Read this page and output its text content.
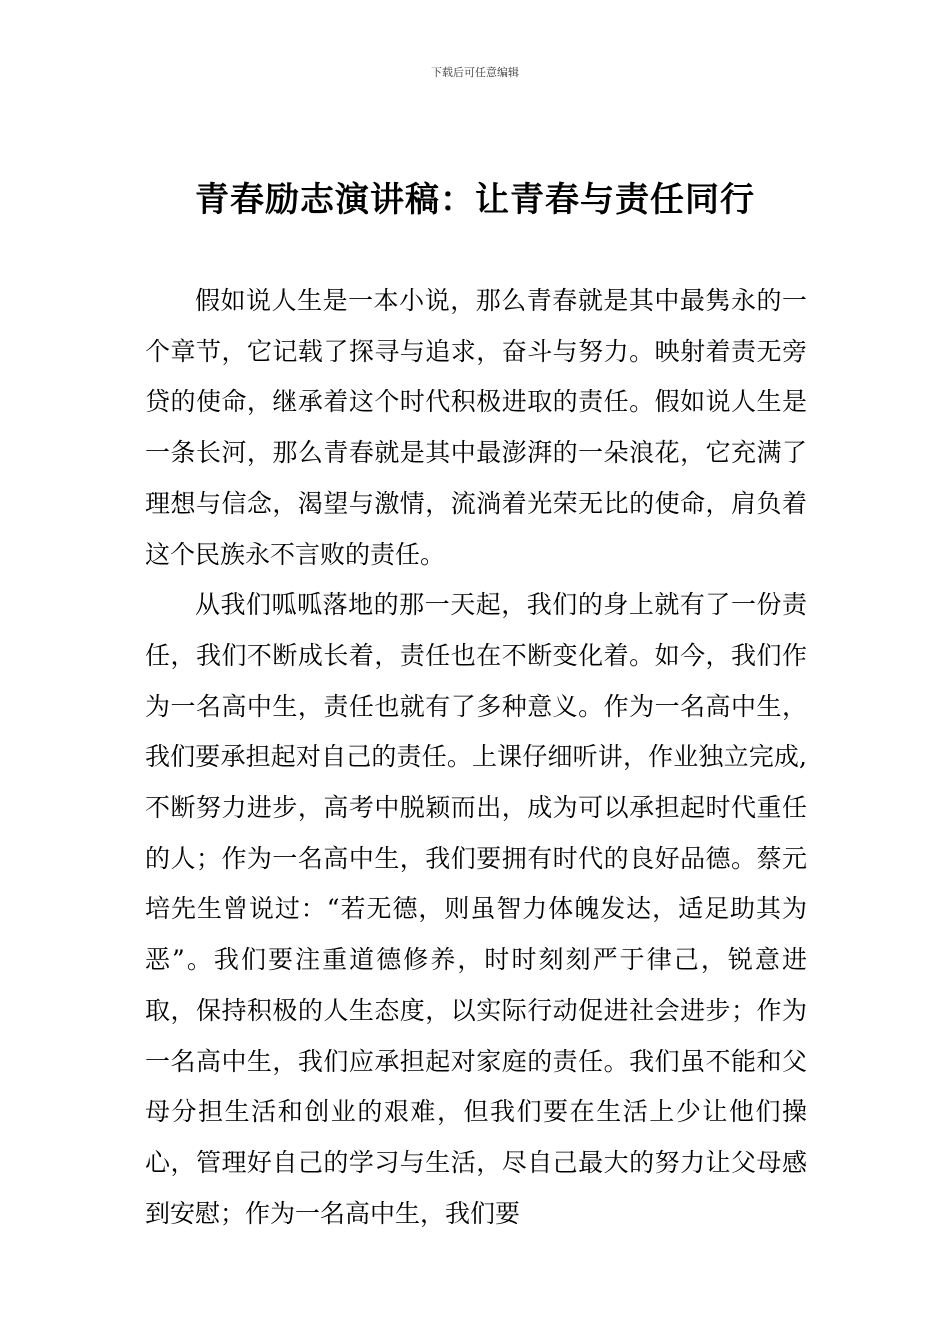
下载后可任意编辑
青春励志演讲稿：让青春与责任同行

假如说人生是一本小说，那么青春就是其中最隽永的一个章节，它记载了探寻与追求，奋斗与努力。映射着责无旁贷的使命，继承着这个时代积极进取的责任。假如说人生是一条长河，那么青春就是其中最澎湃的一朵浪花，它充满了理想与信念，渴望与激情，流淌着光荣无比的使命，肩负着这个民族永不言败的责任。

从我们呱呱落地的那一天起，我们的身上就有了一份责任，我们不断成长着，责任也在不断变化着。如今，我们作为一名高中生，责任也就有了多种意义。作为一名高中生，我们要承担起对自己的责任。上课仔细听讲，作业独立完成,不断努力进步，高考中脱颖而出，成为可以承担起时代重任的人；作为一名高中生，我们要拥有时代的良好品德。蔡元培先生曾说过：“若无德，则虽智力体魄发达，适足助其为恶”。我们要注重道德修养，时时刻刻严于律己，锐意进取，保持积极的人生态度，以实际行动促进社会进步；作为一名高中生，我们应承担起对家庭的责任。我们虽不能和父母分担生活和创业的艰难，但我们要在生活上少让他们操心，管理好自己的学习与生活，尽自己最大的努力让父母感到安慰；作为一名高中生，我们要
